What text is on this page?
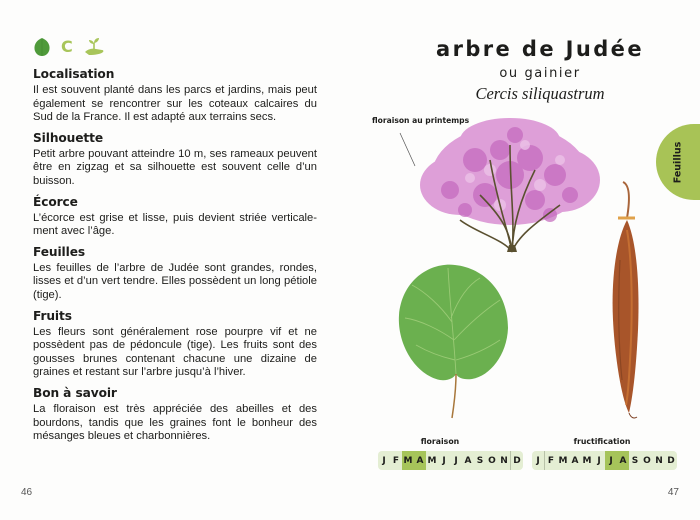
C
Localisation
Il est souvent planté dans les parcs et jardins, mais peut également se rencontrer sur les coteaux calcaires du Sud de la France. Il est adapté aux terrains secs.
Silhouette
Petit arbre pouvant atteindre 10 m, ses rameaux peuvent être en zigzag et sa silhouette est souvent celle d’un buisson.
Écorce
L’écorce est grise et lisse, puis devient striée verticalement avec l’âge.
Feuilles
Les feuilles de l’arbre de Judée sont grandes, rondes, lisses et d’un vert tendre. Elles possèdent un long pétiole (tige).
Fruits
Les fleurs sont généralement rose pourpre vif et ne possèdent pas de pédoncule (tige). Les fruits sont des gousses brunes contenant chacune une dizaine de graines et restant sur l’arbre jusqu’à l’hiver.
Bon à savoir
La floraison est très appréciée des abeilles et des bourdons, tandis que les graines font le bonheur des mésanges bleues et charbonnières.
46
arbre de Judée
ou gainier
Cercis siliquastrum
floraison au printemps
Feuillus
floraison
J F M A M J J A S O N D
fructification
J F M A M J J A S O N D
47
